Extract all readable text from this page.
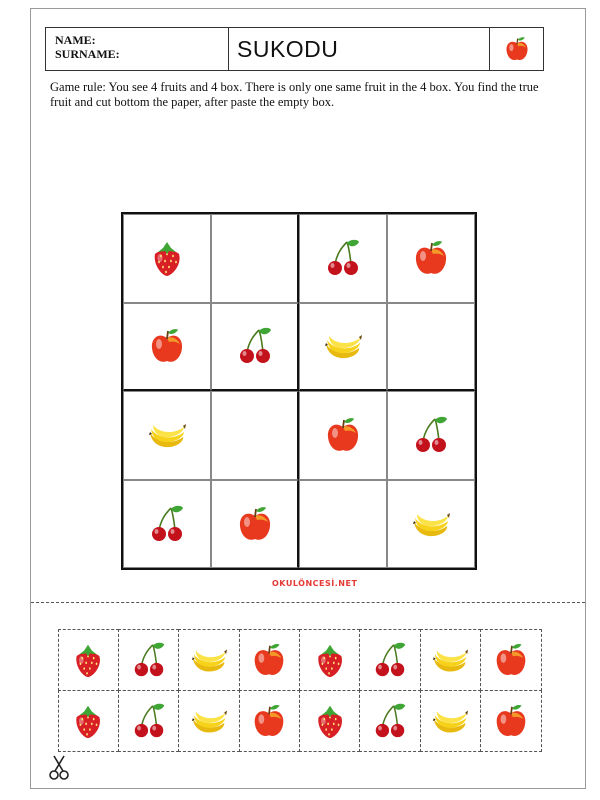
NAME:
SURNAME:	SUKODU
Game rule: You see 4 fruits and 4 box. There is only one same fruit in the 4 box. You find the true fruit and cut bottom the paper, after paste the empty box.
OKULÖNCESİ.NET
